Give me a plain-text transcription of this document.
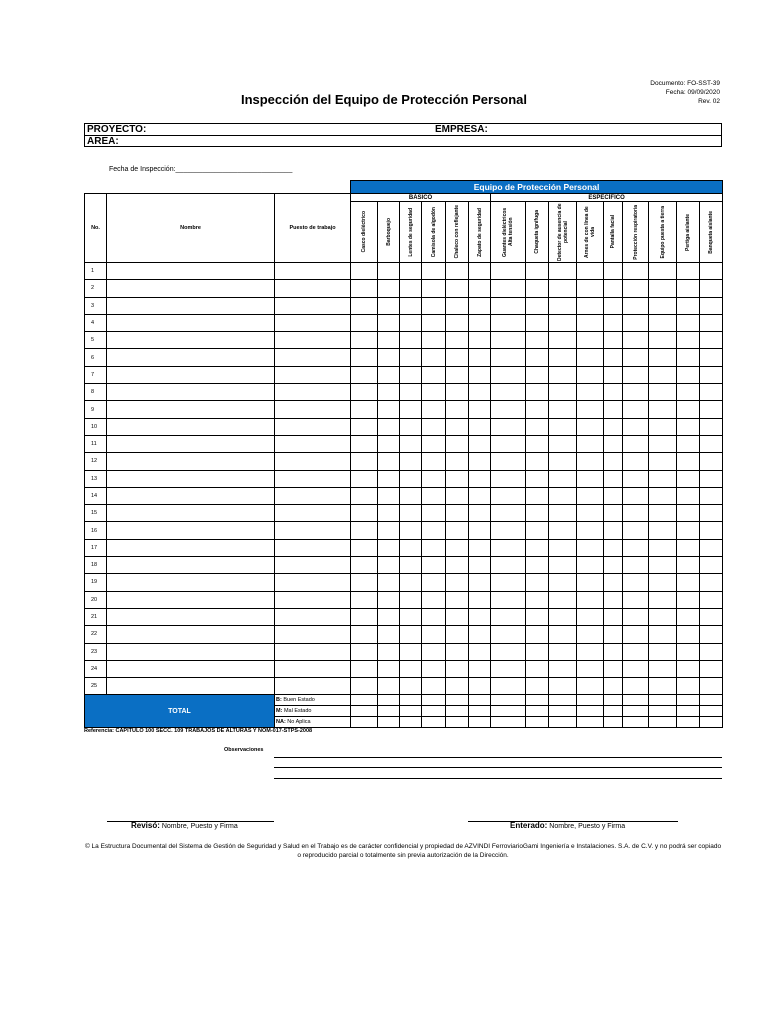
Documento: FO-SST-39
Fecha: 09/09/2020
Rev. 02
Inspección del Equipo de Protección Personal
PROYECTO:	EMPRESA:
AREA:
Fecha de Inspección:______________________________
			Equipo de Protección Personal														
No.	Nombre	Puesto de trabajo	BÁSICO						ESPECÍFICO								

			Casco dieléctrico	Barboquejo	Lentes de seguridad	Camisola de algodón	Chaleco con reflejante	Zapato de seguridad	Guantes dieléctricos Alta tensión	Chaqueta ignífuga	Detector de ausencia de potencial	Arnes de con línea de vida	Pantalla facial	Protección respiratoria	Equipo puesta a tierra	Pertiga aislante	Banqueta aislante

1																	
2																	
3																	
4																	
5																	
6																	
7																	
8																	
9																	
10																	
11																	
12																	
13																	
14																	
15																	
16																	
17																	
18																	
19																	
20																	
21																	
22																	
23																	
24																	
25																	
TOTAL		B: Buen Estado															
		M: Mal Estado															
		NA: No Aplica															
Referencia: CAPITULO 100 SECC. 109 TRABAJOS DE ALTURAS Y NOM-017-STPS-2008
Observaciones
Revisó: Nombre, Puesto y Firma	Enterado: Nombre, Puesto y Firma
© La Estructura Documental del Sistema de Gestión de Seguridad y Salud en el Trabajo es de carácter confidencial y propiedad de AZVINDI FerroviarioGami Ingeniería e Instalaciones. S.A. de C.V. y no podrá ser copiado o reproducido parcial o totalmente sin previa autorización de la Dirección.
